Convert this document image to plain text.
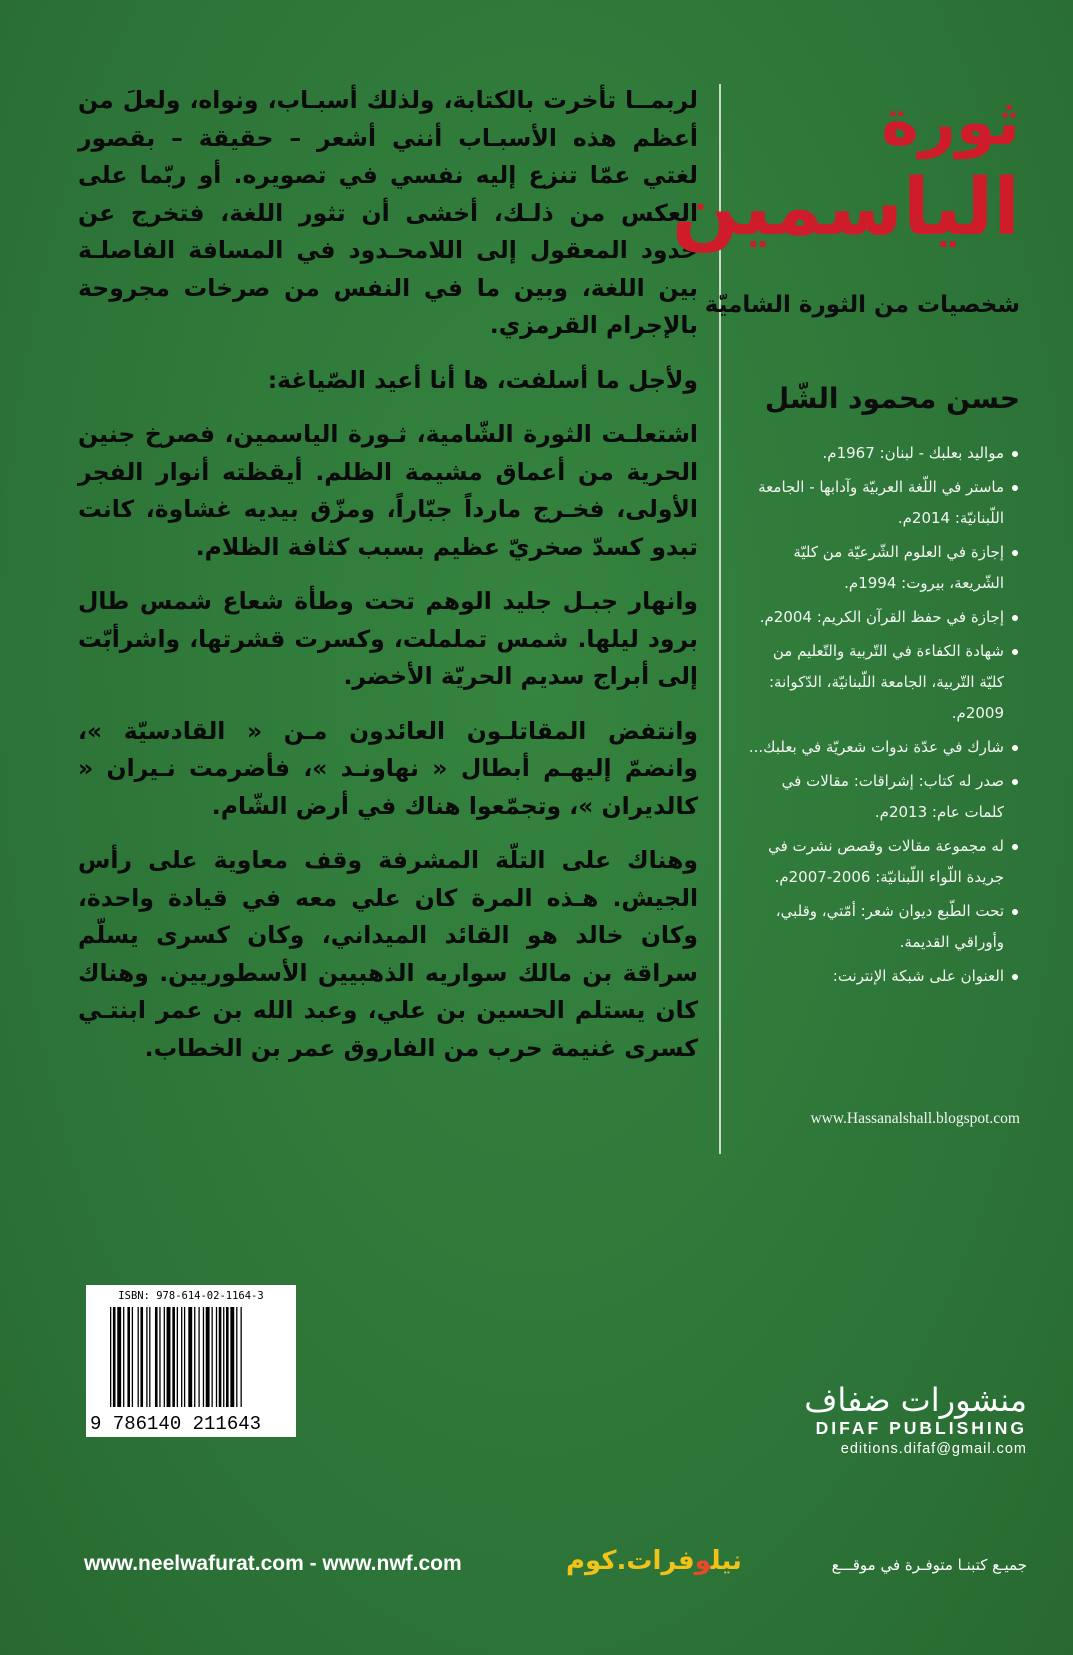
لربمــا تأخرت بالكتابة، ولذلك أسبـاب، ونواه، ولعلَ من أعظم هذه الأسبـاب أنني أشعر – حقيقة – بقصور لغتي عمّا تنزع إليه نفسي في تصويره. أو ربّما على العكس من ذلـك، أخشى أن تثور اللغة، فتخرج عن حدود المعقول إلى اللامحـدود في المسافة الفاصلـة بين اللغة، وبين ما في النفس من صرخات مجروحة بالإجرام القرمزي.

ولأجل ما أسلفت، ها أنا أعيد الصّياغة:

اشتعلـت الثورة الشّامية، ثـورة الياسمين، فصرخ جنين الحرية من أعماق مشيمة الظلم. أيقظته أنوار الفجر الأولى، فخـرج مارداً جبّاراً، ومزّق بيديه غشاوة، كانت تبدو كسدّ صخريّ عظيم بسبب كثافة الظلام.

وانهار جبـل جليد الوهم تحت وطأة شعاع شمس طال برود ليلها. شمس تململت، وكسرت قشرتها، واشرأبّت إلى أبراج سديم الحريّة الأخضر.

وانتفض المقاتلـون العائدون مـن « القادسيّة »، وانضمّ إليهـم أبطال « نهاونـد »، فأضرمت نـيران « كالديران »، وتجمّعوا هناك في أرض الشّام.

وهناك على التلّة المشرفة وقف معاوية على رأس الجيش. هـذه المرة كان علي معه في قيادة واحدة، وكان خالد هو القائد الميداني، وكان كسرى يسلّم سراقة بن مالك سواريه الذهبيين الأسطوريين. وهناك كان يستلم الحسين بن علي، وعبد الله بن عمر ابنتـي كسرى غنيمة حرب من الفاروق عمر بن الخطاب.

ثورة
الياسمين
شخصيات من الثورة الشاميّة
حسن محمود الشّل
مواليد بعلبك - لبنان: 1967م.
ماستر في اللّغة العربيّة وآدابها - الجامعة اللّبنانيّة: 2014م.
إجازة في العلوم الشّرعيّة من كليّة الشّريعة، بيروت: 1994م.
إجازة في حفظ القرآن الكريم: 2004م.
شهادة الكفاءة في التّربية والتّعليم من كليّة التّربية، الجامعة اللّبنانيّة، الدّكوانة: 2009م.
شارك في عدّة ندوات شعريّة في بعلبك...
صدر له كتاب: إشراقات: مقالات في كلمات عام: 2013م.
له مجموعة مقالات وقصص نشرت في جريدة اللّواء اللّبنانيّة: 2006-2007م.
تحت الطّبع ديوان شعر: أمّتي، وقلبي، وأوراقي القديمة.
العنوان على شبكة الإنترنت:
www.Hassanalshall.blogspot.com
ISBN: 978-614-02-1164-3
9 786140 211643
منشورات ضفاف
DIFAF PUBLISHING
editions.difaf@gmail.com
www.neelwafurat.com - www.nwf.com	نيلوفرات.كوم	جميـع كتبنـا متوفـرة في موقـــع
